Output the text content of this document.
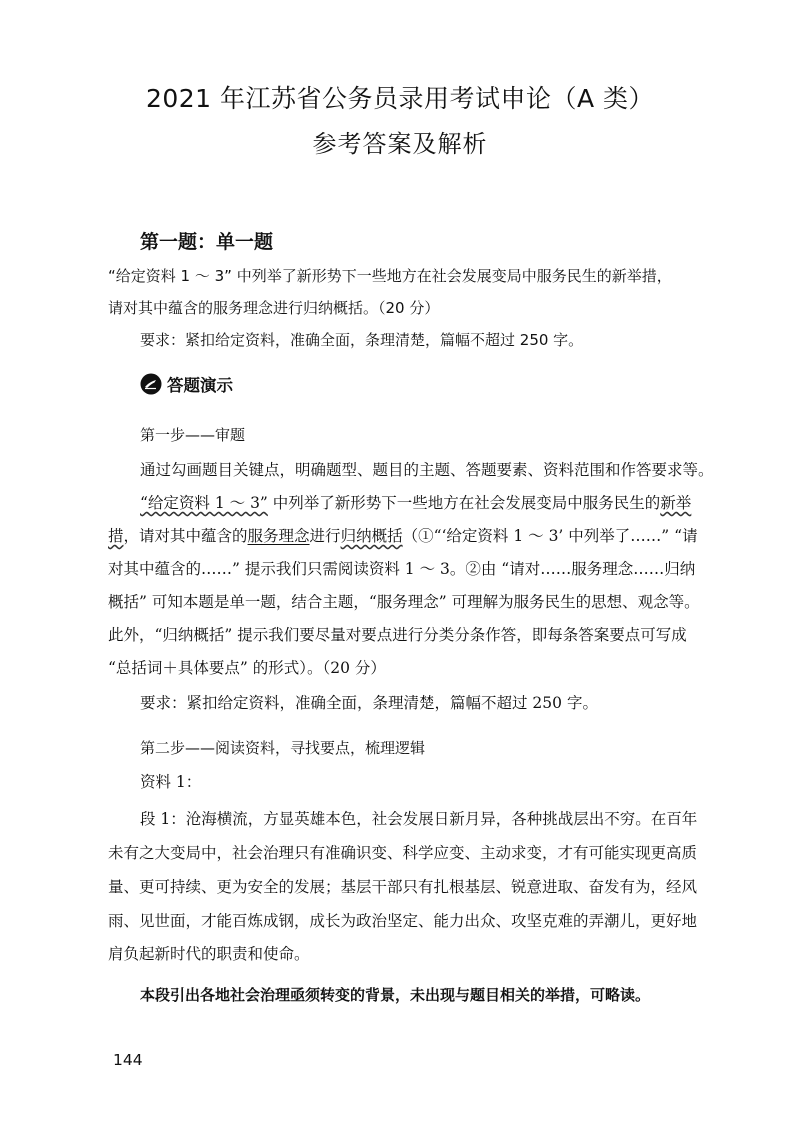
2021 年江苏省公务员录用考试申论（A 类）
参考答案及解析
第一题：单一题
“给定资料 1 ～ 3” 中列举了新形势下一些地方在社会发展变局中服务民生的新举措，
请对其中蕴含的服务理念进行归纳概括。（20 分）
要求：紧扣给定资料，准确全面，条理清楚，篇幅不超过 250 字。
答题演示
第一步——审题
通过勾画题目关键点，明确题型、题目的主题、答题要素、资料范围和作答要求等。
“给定资料 1 ～ 3” 中列举了新形势下一些地方在社会发展变局中服务民生的新举
措，请对其中蕴含的服务理念进行归纳概括（①“‘给定资料 1 ～ 3’ 中列举了……” “请
对其中蕴含的……” 提示我们只需阅读资料 1 ～ 3。②由 “请对……服务理念……归纳
概括” 可知本题是单一题，结合主题，“服务理念” 可理解为服务民生的思想、观念等。
此外，“归纳概括” 提示我们要尽量对要点进行分类分条作答，即每条答案要点可写成
“总括词＋具体要点” 的形式）。（20 分）
要求：紧扣给定资料，准确全面，条理清楚，篇幅不超过 250 字。
第二步——阅读资料，寻找要点，梳理逻辑
资料 1：
段 1：沧海横流，方显英雄本色，社会发展日新月异，各种挑战层出不穷。在百年
未有之大变局中，社会治理只有准确识变、科学应变、主动求变，才有可能实现更高质
量、更可持续、更为安全的发展；基层干部只有扎根基层、锐意进取、奋发有为，经风
雨、见世面，才能百炼成钢，成长为政治坚定、能力出众、攻坚克难的弄潮儿，更好地
肩负起新时代的职责和使命。
本段引出各地社会治理亟须转变的背景，未出现与题目相关的举措，可略读。
144
